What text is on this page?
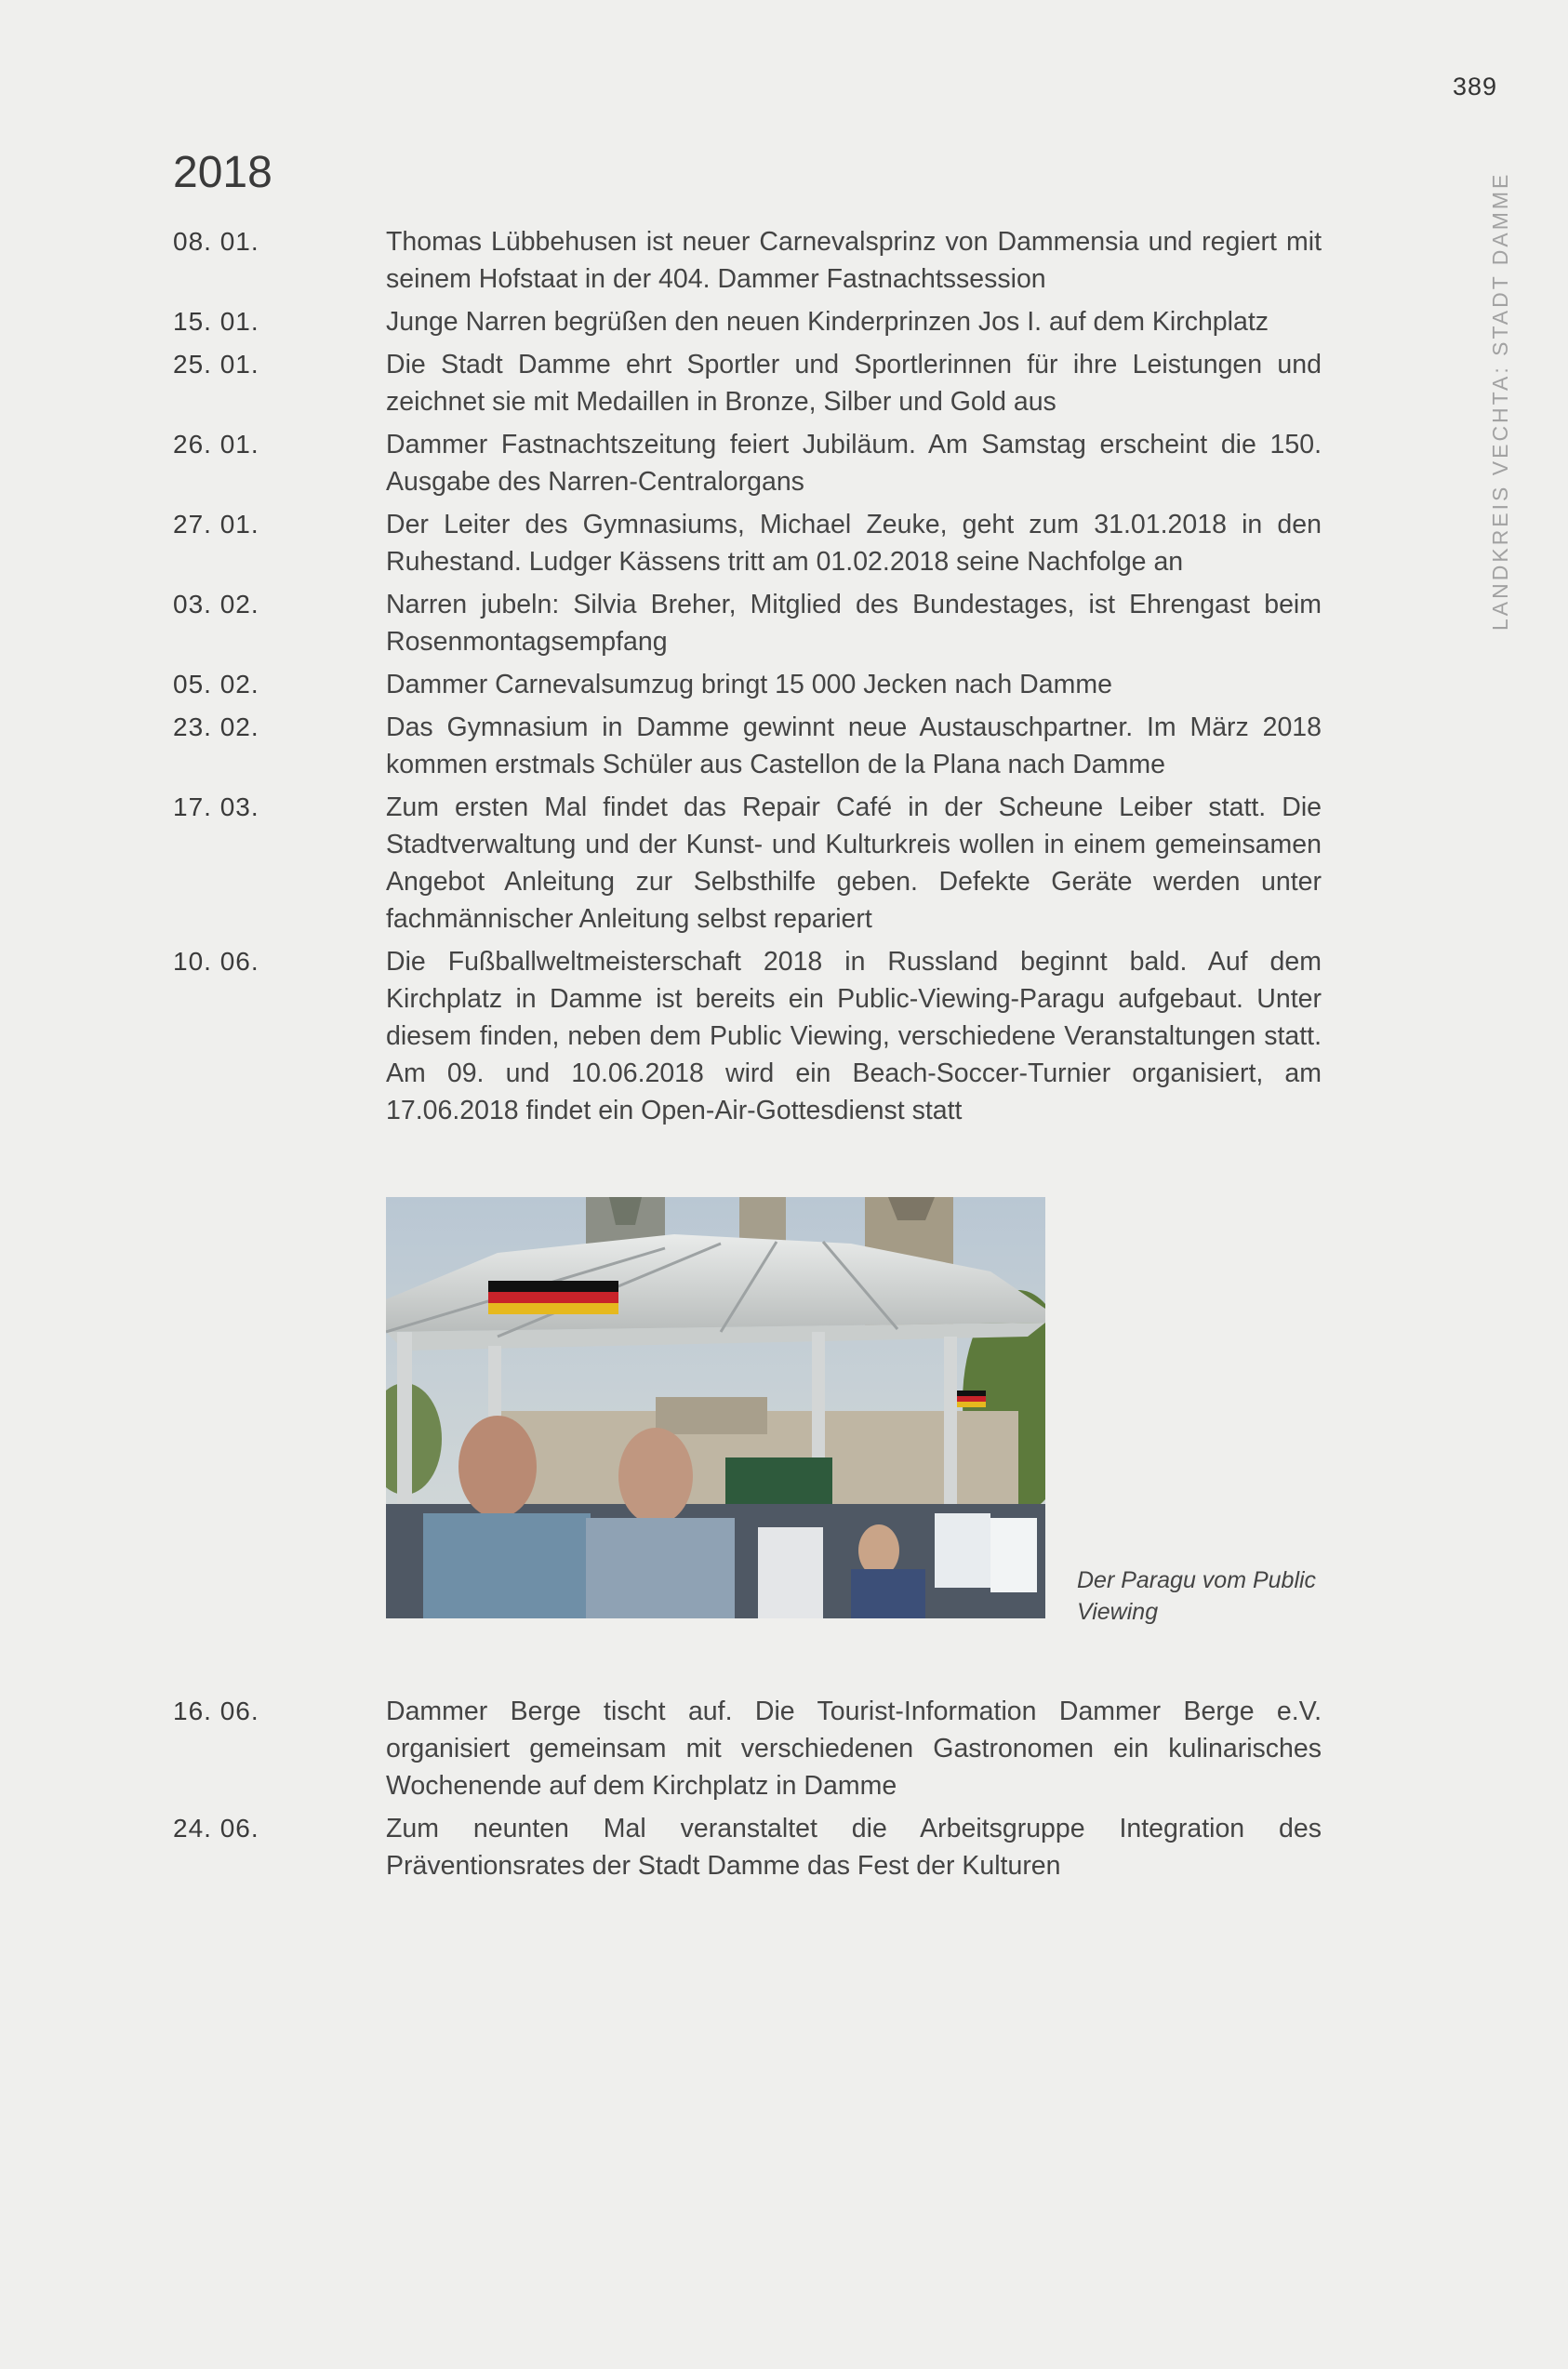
389
LANDKREIS VECHTA: STADT DAMME
2018
08. 01.	Thomas Lübbehusen ist neuer Carnevalsprinz von Dammensia und regiert mit seinem Hofstaat in der 404. Dammer Fastnachtssession
15. 01.	Junge Narren begrüßen den neuen Kinderprinzen Jos I. auf dem Kirchplatz
25. 01.	Die Stadt Damme ehrt Sportler und Sportlerinnen für ihre Leistungen und zeichnet sie mit Medaillen in Bronze, Silber und Gold aus
26. 01.	Dammer Fastnachtszeitung feiert Jubiläum. Am Samstag erscheint die 150. Ausgabe des Narren-Centralorgans
27. 01.	Der Leiter des Gymnasiums, Michael Zeuke, geht zum 31.01.2018 in den Ruhestand. Ludger Kässens tritt am 01.02.2018 seine Nachfolge an
03. 02.	Narren jubeln: Silvia Breher, Mitglied des Bundestages, ist Ehrengast beim Rosenmontagsempfang
05. 02.	Dammer Carnevalsumzug bringt 15 000 Jecken nach Damme
23. 02.	Das Gymnasium in Damme gewinnt neue Austauschpartner. Im März 2018 kommen erstmals Schüler aus Castellon de la Plana nach Damme
17. 03.	Zum ersten Mal findet das Repair Café in der Scheune Leiber statt. Die Stadtverwaltung und der Kunst- und Kulturkreis wollen in einem gemeinsamen Angebot Anleitung zur Selbsthilfe geben. Defekte Geräte werden unter fachmännischer Anleitung selbst repariert
10. 06.	Die Fußballweltmeisterschaft 2018 in Russland beginnt bald. Auf dem Kirchplatz in Damme ist bereits ein Public-Viewing-Paragu aufgebaut. Unter diesem finden, neben dem Public Viewing, verschiedene Veranstaltungen statt. Am 09. und 10.06.2018 wird ein Beach-Soccer-Turnier organisiert, am 17.06.2018 findet ein Open-Air-Gottesdienst statt
Der Paragu vom Public Viewing
16. 06.	Dammer Berge tischt auf. Die Tourist-Information Dammer Berge e.V. organisiert gemeinsam mit verschiedenen Gastronomen ein kulinarisches Wochenende auf dem Kirchplatz in Damme
24. 06.	Zum neunten Mal veranstaltet die Arbeitsgruppe Integration des Präventionsrates der Stadt Damme das Fest der Kulturen
